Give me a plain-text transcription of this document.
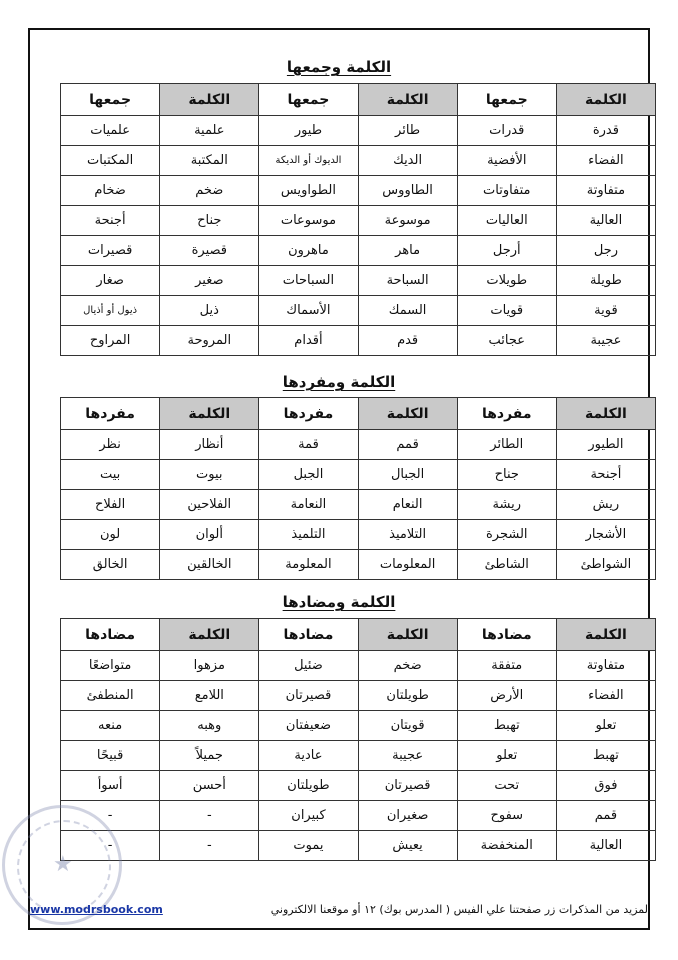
الكلمة وجمعها
الكلمة	جمعها	الكلمة	جمعها	الكلمة	جمعها
قدرة	قدرات	طائر	طيور	علمية	علميات
الفضاء	الأفضية	الديك	الديوك أو الديكة	المكتبة	المكتبات
متفاوتة	متفاوتات	الطاووس	الطواويس	ضخم	ضخام
العالية	العاليات	موسوعة	موسوعات	جناح	أجنحة
رجل	أرجل	ماهر	ماهرون	قصيرة	قصيرات
طويلة	طويلات	السباحة	السباحات	صغير	صغار
قوية	قويات	السمك	الأسماك	ذيل	ذيول أو أذيال
عجيبة	عجائب	قدم	أقدام	المروحة	المراوح
الكلمة ومفردها
الكلمة	مفردها	الكلمة	مفردها	الكلمة	مفردها
الطيور	الطائر	قمم	قمة	أنظار	نظر
أجنحة	جناح	الجبال	الجبل	بيوت	بيت
ريش	ريشة	النعام	النعامة	الفلاحين	الفلاح
الأشجار	الشجرة	التلاميذ	التلميذ	ألوان	لون
الشواطئ	الشاطئ	المعلومات	المعلومة	الخالقين	الخالق
الكلمة ومضادها
الكلمة	مضادها	الكلمة	مضادها	الكلمة	مضادها
متفاوتة	متفقة	ضخم	ضئيل	مزهوا	متواضعًا
الفضاء	الأرض	طويلتان	قصيرتان	اللامع	المنطفئ
تعلو	تهبط	قويتان	ضعيفتان	وهبه	منعه
تهبط	تعلو	عجيبة	عادية	جميلاً	قبيحًا
فوق	تحت	قصيرتان	طويلتان	أحسن	أسوأ
قمم	سفوح	صغيران	كبيران	-	-
العالية	المنخفضة	يعيش	يموت	-	-
★
لمزيد من المذكرات زر صفحتنا علي الفيس ( المدرس بوك) ١٢ أو موقعنا الالكتروني
www.modrsbook.com
